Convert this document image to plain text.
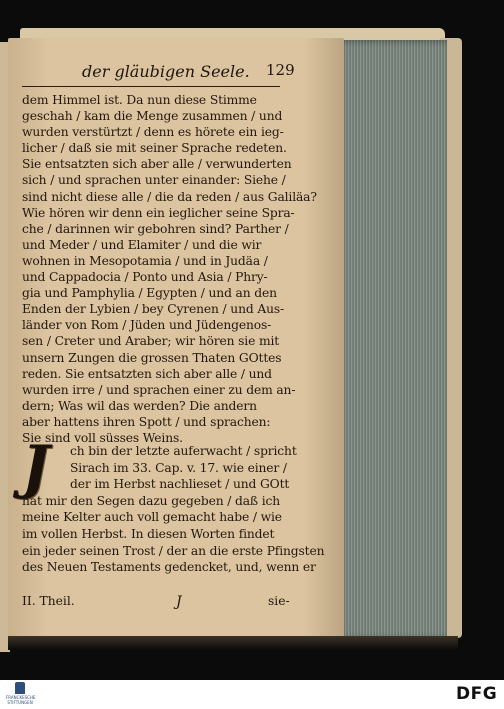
der gläubigen Seele. 129
dem Himmel ist. Da nun diese Stimme
geschah / kam die Menge zusammen / und
wurden verstürtzt / denn es hörete ein ieg-
licher / daß sie mit seiner Sprache redeten.
Sie entsatzten sich aber alle / verwunderten
sich / und sprachen unter einander: Siehe /
sind nicht diese alle / die da reden / aus Galiläa?
Wie hören wir denn ein ieglicher seine Spra-
che / darinnen wir gebohren sind? Parther /
und Meder / und Elamiter / und die wir
wohnen in Mesopotamia / und in Judäa /
und Cappadocia / Ponto und Asia / Phry-
gia und Pamphylia / Egypten / und an den
Enden der Lybien / bey Cyrenen / und Aus-
länder von Rom / Jüden und Jüdengenos-
sen / Creter und Araber; wir hören sie mit
unsern Zungen die grossen Thaten GOttes
reden. Sie entsatzten sich aber alle / und
wurden irre / und sprachen einer zu dem an-
dern; Was wil das werden? Die andern
aber hattens ihren Spott / und sprachen:
Sie sind voll süsses Weins.
J	ch bin der letzte auferwacht / spricht
Sirach im 33. Cap. v. 17. wie einer /
der im Herbst nachlieset / und GOtt
hat mir den Segen dazu gegeben / daß ich
meine Kelter auch voll gemacht habe / wie
im vollen Herbst. In diesen Worten findet
ein jeder seinen Trost / der an die erste Pfingsten
des Neuen Testaments gedencket, und, wenn er
II. Theil.	J	sie-
FRANCKESCHE STIFTUNGEN	DFG
